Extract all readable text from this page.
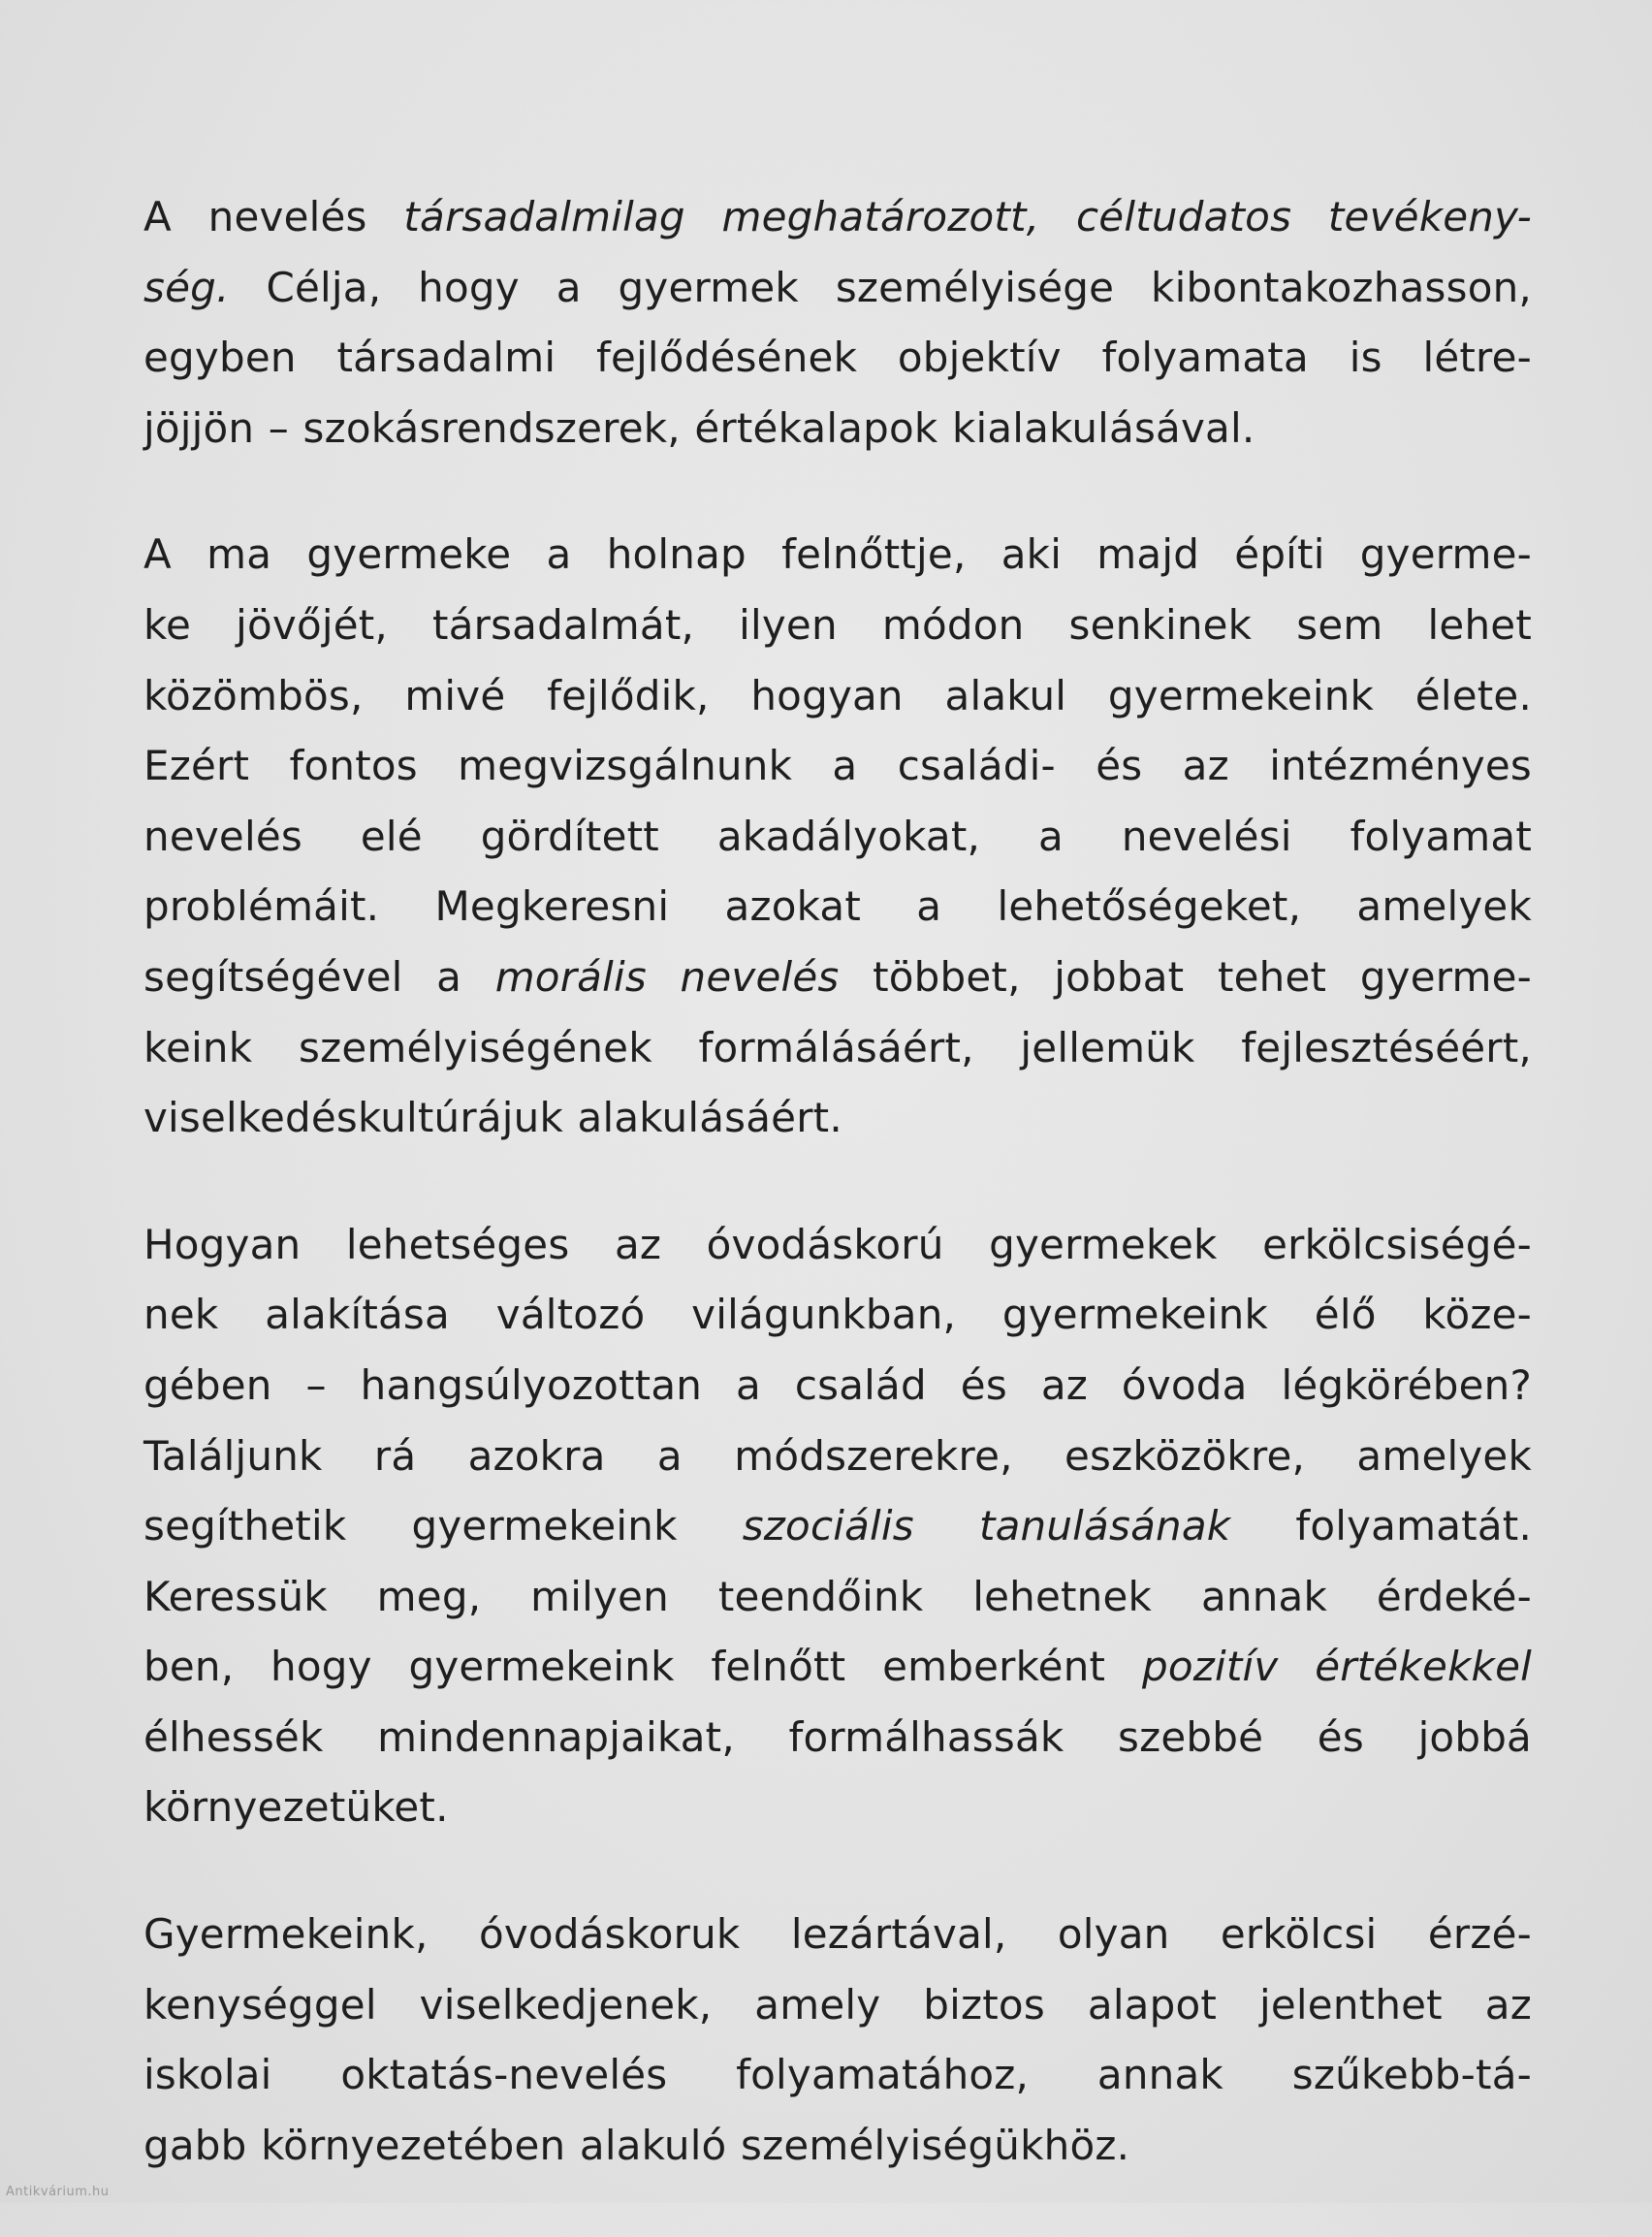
A nevelés társadalmilag meghatározott, céltudatos tevékeny-
ség. Célja, hogy a gyermek személyisége kibontakozhasson,
egyben társadalmi fejlődésének objektív folyamata is létre-
jöjjön – szokásrendszerek, értékalapok kialakulásával.

A ma gyermeke a holnap felnőttje, aki majd építi gyerme-
ke jövőjét, társadalmát, ilyen módon senkinek sem lehet
közömbös, mivé fejlődik, hogyan alakul gyermekeink élete.
Ezért fontos megvizsgálnunk a családi- és az intézményes
nevelés elé gördített akadályokat, a nevelési folyamat
problémáit. Megkeresni azokat a lehetőségeket, amelyek
segítségével a morális nevelés többet, jobbat tehet gyerme-
keink személyiségének formálásáért, jellemük fejlesztéséért,
viselkedéskultúrájuk alakulásáért.

Hogyan lehetséges az óvodáskorú gyermekek erkölcsiségé-
nek alakítása változó világunkban, gyermekeink élő köze-
gében – hangsúlyozottan a család és az óvoda légkörében?
Találjunk rá azokra a módszerekre, eszközökre, amelyek
segíthetik gyermekeink szociális tanulásának folyamatát.
Keressük meg, milyen teendőink lehetnek annak érdeké-
ben, hogy gyermekeink felnőtt emberként pozitív értékekkel
élhessék mindennapjaikat, formálhassák szebbé és jobbá
környezetüket.

Gyermekeink, óvodáskoruk lezártával, olyan erkölcsi érzé-
kenységgel viselkedjenek, amely biztos alapot jelenthet az
iskolai oktatás-nevelés folyamatához, annak szűkebb-tá-
gabb környezetében alakuló személyiségükhöz.

Antikvárium.hu
